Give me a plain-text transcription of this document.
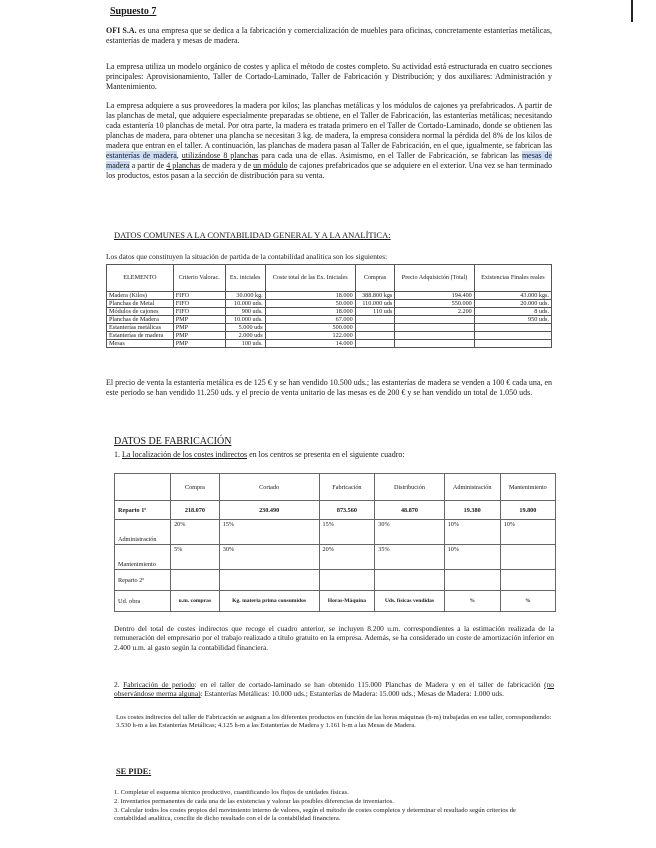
Supuesto 7

OFI S.A. es una empresa que se dedica a la fabricación y comercialización de muebles para oficinas, concretamente estanterías metálicas, estanterías de madera y mesas de madera.

La empresa utiliza un modelo orgánico de costes y aplica el método de costes completo. Su actividad está estructurada en cuatro secciones principales: Aprovisionamiento, Taller de Cortado-Laminado, Taller de Fabricación y Distribución; y dos auxiliares: Administración y Mantenimiento.

La empresa adquiere a sus proveedores la madera por kilos; las planchas metálicas y los módulos de cajones ya prefabricados. A partir de las planchas de metal, que adquiere especialmente preparadas se obtiene, en el Taller de Fabricación, las estanterías metálicas; necesitando cada estantería 10 planchas de metal. Por otra parte, la madera es tratada primero en el Taller de Cortado-Laminado, donde se obtienen las planchas de madera, para obtener una plancha se necesitan 3 kg. de madera, la empresa considera normal la pérdida del 8% de los kilos de madera que entran en el taller. A continuación, las planchas de madera pasan al Taller de Fabricación, en el que, igualmente, se fabrican las estanterías de madera, utilizándose 8 planchas para cada una de ellas. Asimismo, en el Taller de Fabricación, se fabrican las mesas de madera a partir de 4 planchas de madera y de un módulo de cajones prefabricados que se adquiere en el exterior. Una vez se han terminado los productos, estos pasan a la sección de distribución para su venta.

DATOS COMUNES A LA CONTABILIDAD GENERAL Y A LA ANALÍTICA:
Los datos que constituyen la situación de partida de la contabilidad analítica son los siguientes:
ELEMENTO	Criterio Valorac.	Ex. iniciales	Coste total de las Ex. Iniciales	Compras	Precio Adquisición (Total)	Existencias Finales reales
Madera (Kilos)	FIFO	30.000 kg.	18.000	388.800 kgs	194.400	43.000 kgs.
Planchas de Metal	FIFO	10.000 uds.	50.000	110.000 uds	550.000	20.000 uds.
Módulos de cajones	FIFO	900 uds.	18.000	110 uds	2.200	8 uds.
Planchas de Madera	PMP	10.000 uds.	67.000			950 uds.
Estanterías metálicas	PMP	5.000 uds	500.000			
Estanterías de madera	PMP	2.000 uds	122.000			
Mesas	PMP	100 uds.	14.000			

El precio de venta la estantería metálica es de 125 € y se han vendido 10.500 uds.; las estanterías de madera se venden a 100 € cada una, en este periodo se han vendido 11.250 uds. y el precio de venta unitario de las mesas es de 200 € y se han vendido un total de 1.050 uds.

DATOS DE FABRICACIÓN
1. La localización de los costes indirectos en los centros se presenta en el siguiente cuadro:
	Compra	Cortado	Fabricación	Distribución	Administración	Mantenimiento
Reparto 1º	218.070	230.490	873.560	48.870	19.380	19.800
Administración	20%	15%	15%	30%	10%	10%
Mantenimiento	5%	30%	20%	35%	10%	
Reparto 2º						
Ud. obra	u.m. compras	Kg. materia prima consumidos	Horas-Máquina	Uds. físicas vendidas	%	%

Dentro del total de costes indirectos que recoge el cuadro anterior, se incluyen 8.200 u.m. correspondientes a la estimación realizada de la remuneración del empresario por el trabajo realizado a título gratuito en la empresa. Además, se ha considerado un coste de amortización inferior en 2.400 u.m. al gasto según la contabilidad financiera.

2. Fabricación de periodo: en el taller de cortado-laminado se han obtenido 115.000 Planchas de Madera y en el taller de fabricación (no observándose merma alguna): Estanterías Metálicas: 10.000 uds.; Estanterías de Madera: 15.000 uds.; Mesas de Madera: 1.000 uds.

Los costes indirectos del taller de Fabricación se asignan a los diferentes productos en función de las horas máquinas (h-m) trabajadas en ese taller, correspondiendo: 3.530 h-m a las Estanterías Metálicas; 4.125 h-m a las Estanterías de Madera y 1.161 h-m a las Mesas de Madera.

SE PIDE:
1. Completar el esquema técnico productivo, cuantificando los flujos de unidades físicas.
2. Inventarios permanentes de cada una de las existencias y valorar las posibles diferencias de inventarios.
3. Calcular todos los costes propios del movimiento interno de valores, según el método de costes completos y determinar el resultado según criterios de contabilidad analítica, concilie de dicho resultado con el de la contabilidad financiera.
